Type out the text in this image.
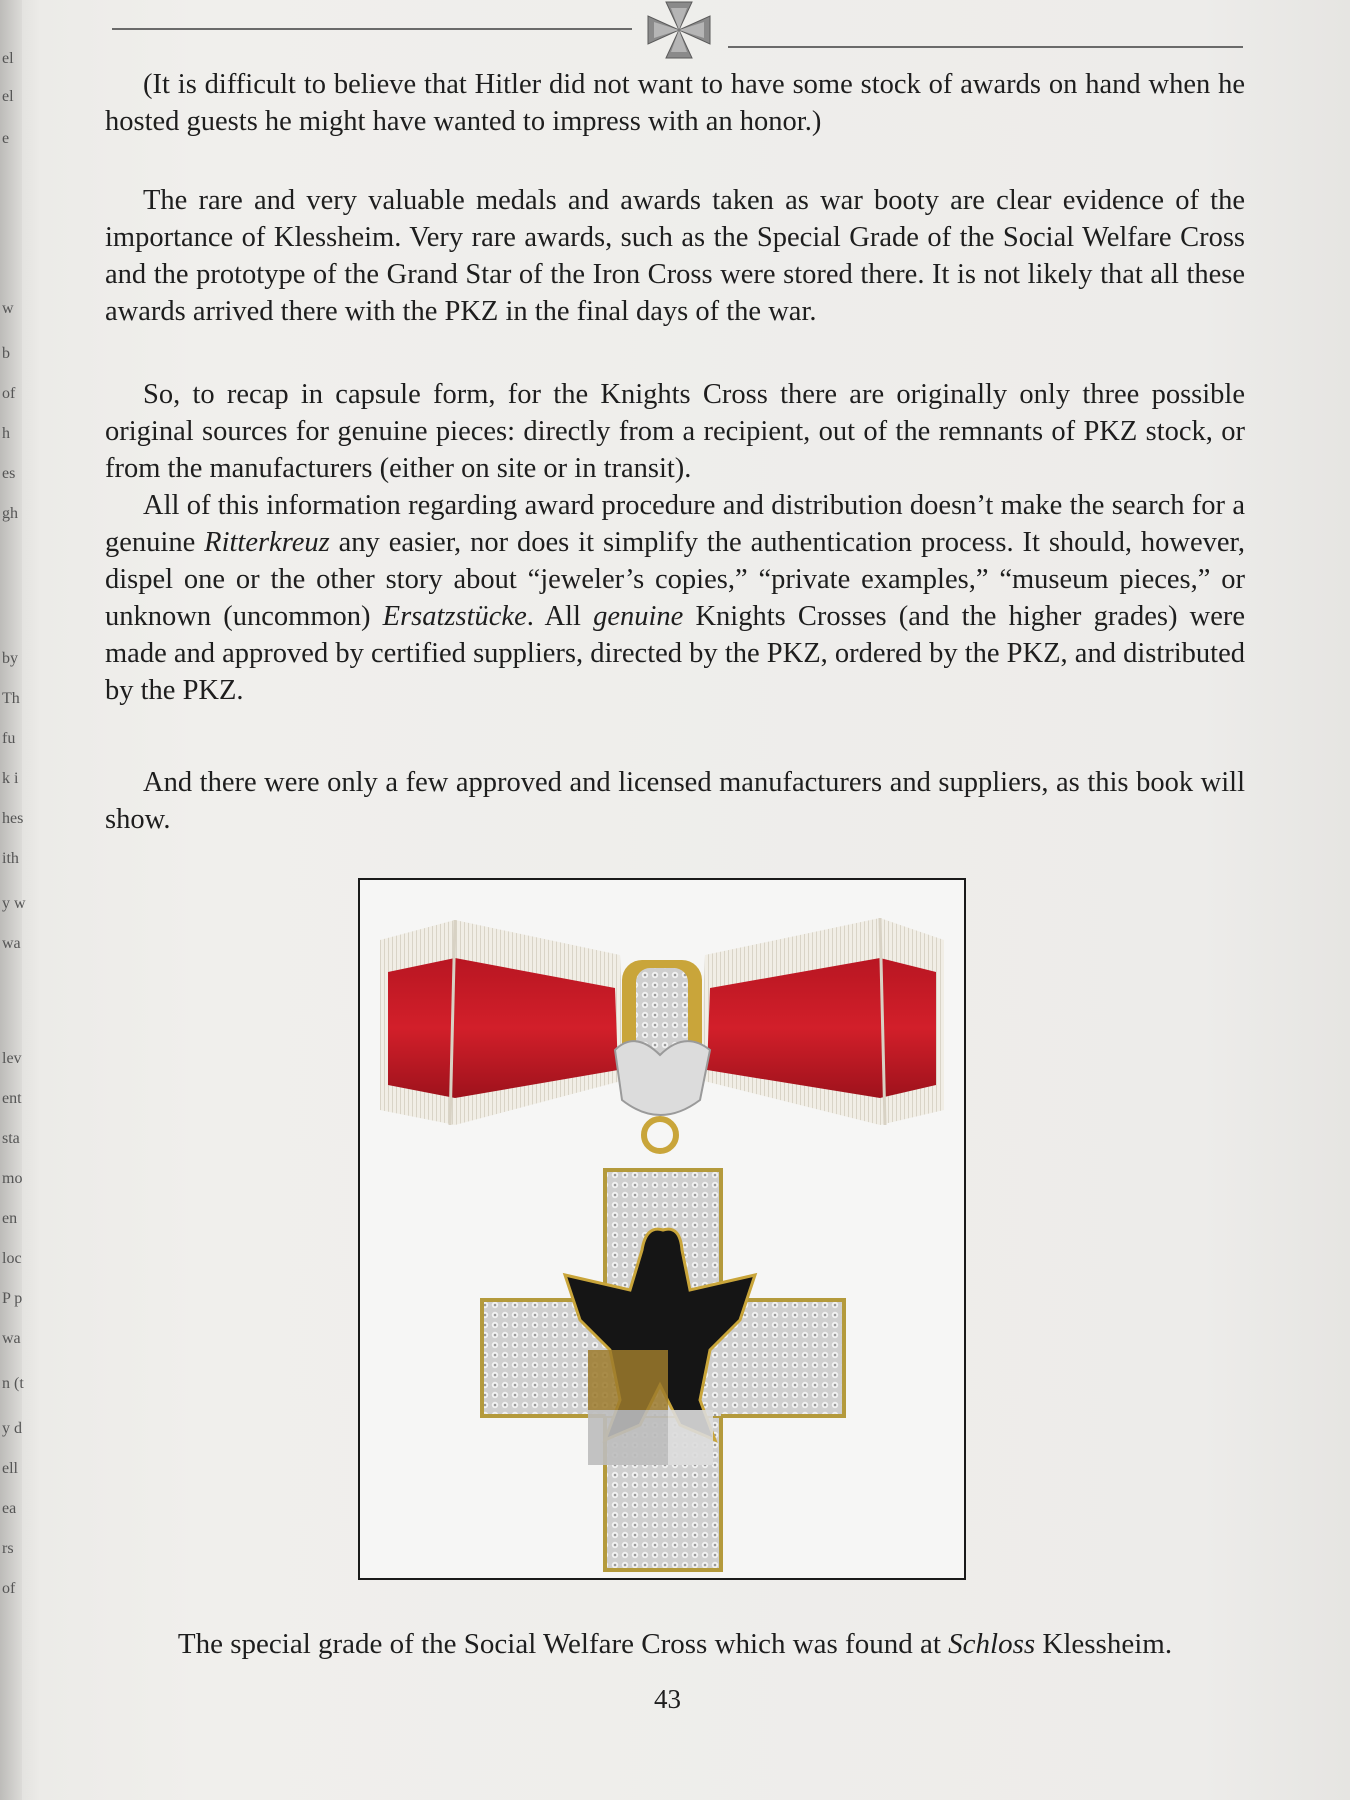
el
el
e
w
b
of
h
es
gh
by
Th
fu
k i
hes
ith
y w
wa
lev
ent
sta
mo
en
loc
P p
wa
n (t
y d
ell
ea
rs
of

(It is difficult to believe that Hitler did not want to have some stock of awards on hand when he hosted guests he might have wanted to impress with an honor.)

The rare and very valuable medals and awards taken as war booty are clear evidence of the importance of Klessheim. Very rare awards, such as the Special Grade of the Social Welfare Cross and the prototype of the Grand Star of the Iron Cross were stored there. It is not likely that all these awards arrived there with the PKZ in the final days of the war.

So, to recap in capsule form, for the Knights Cross there are originally only three possible original sources for genuine pieces: directly from a recipient, out of the remnants of PKZ stock, or from the manufacturers (either on site or in transit).

All of this information regarding award procedure and distribution doesn’t make the search for a genuine Ritterkreuz any easier, nor does it simplify the authentication process. It should, however, dispel one or the other story about “jeweler’s copies,” “private examples,” “museum pieces,” or unknown (uncommon) Ersatzstücke. All genuine Knights Crosses (and the higher grades) were made and approved by certified suppliers, directed by the PKZ, ordered by the PKZ, and distributed by the PKZ.

And there were only a few approved and licensed manufacturers and suppliers, as this book will show.

The special grade of the Social Welfare Cross which was found at Schloss Klessheim.
43
